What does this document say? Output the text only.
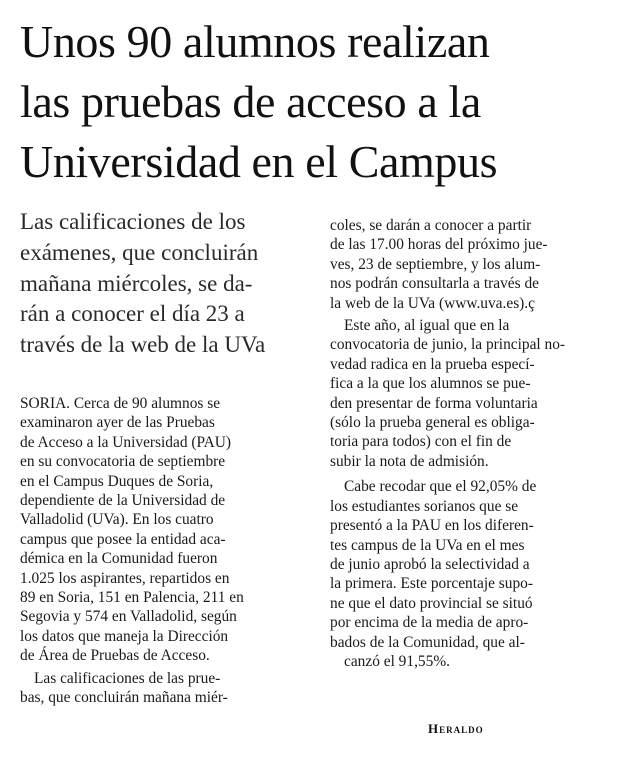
Unos 90 alumnos realizan
las pruebas de acceso a la
Universidad en el Campus
Las calificaciones de los
exámenes, que concluirán
mañana miércoles, se da-
rán a conocer el día 23 a
través de la web de la UVa
SORIA. Cerca de 90 alumnos se
examinaron ayer de las Pruebas
de Acceso a la Universidad (PAU)
en su convocatoria de septiembre
en el Campus Duques de Soria,
dependiente de la Universidad de
Valladolid (UVa). En los cuatro
campus que posee la entidad aca-
démica en la Comunidad fueron
1.025 los aspirantes, repartidos en
89 en Soria, 151 en Palencia, 211 en
Segovia y 574 en Valladolid, según
los datos que maneja la Dirección
de Área de Pruebas de Acceso.
Las calificaciones de las prue-
bas, que concluirán mañana miér-
coles, se darán a conocer a partir
de las 17.00 horas del próximo jue-
ves, 23 de septiembre, y los alum-
nos podrán consultarla a través de
la web de la UVa (www.uva.es).ç
Este año, al igual que en la
convocatoria de junio, la principal no-
vedad radica en la prueba especí-
fica a la que los alumnos se pue-
den presentar de forma voluntaria
(sólo la prueba general es obliga-
toria para todos) con el fin de
subir la nota de admisión.
Cabe recodar que el 92,05% de
los estudiantes sorianos que se
presentó a la PAU en los diferen-
tes campus de la UVa en el mes
de junio aprobó la selectividad a
la primera. Este porcentaje supo-
ne que el dato provincial se situó
por encima de la media de apro-
bados de la Comunidad, que al-
canzó el 91,55%.
Heraldo
